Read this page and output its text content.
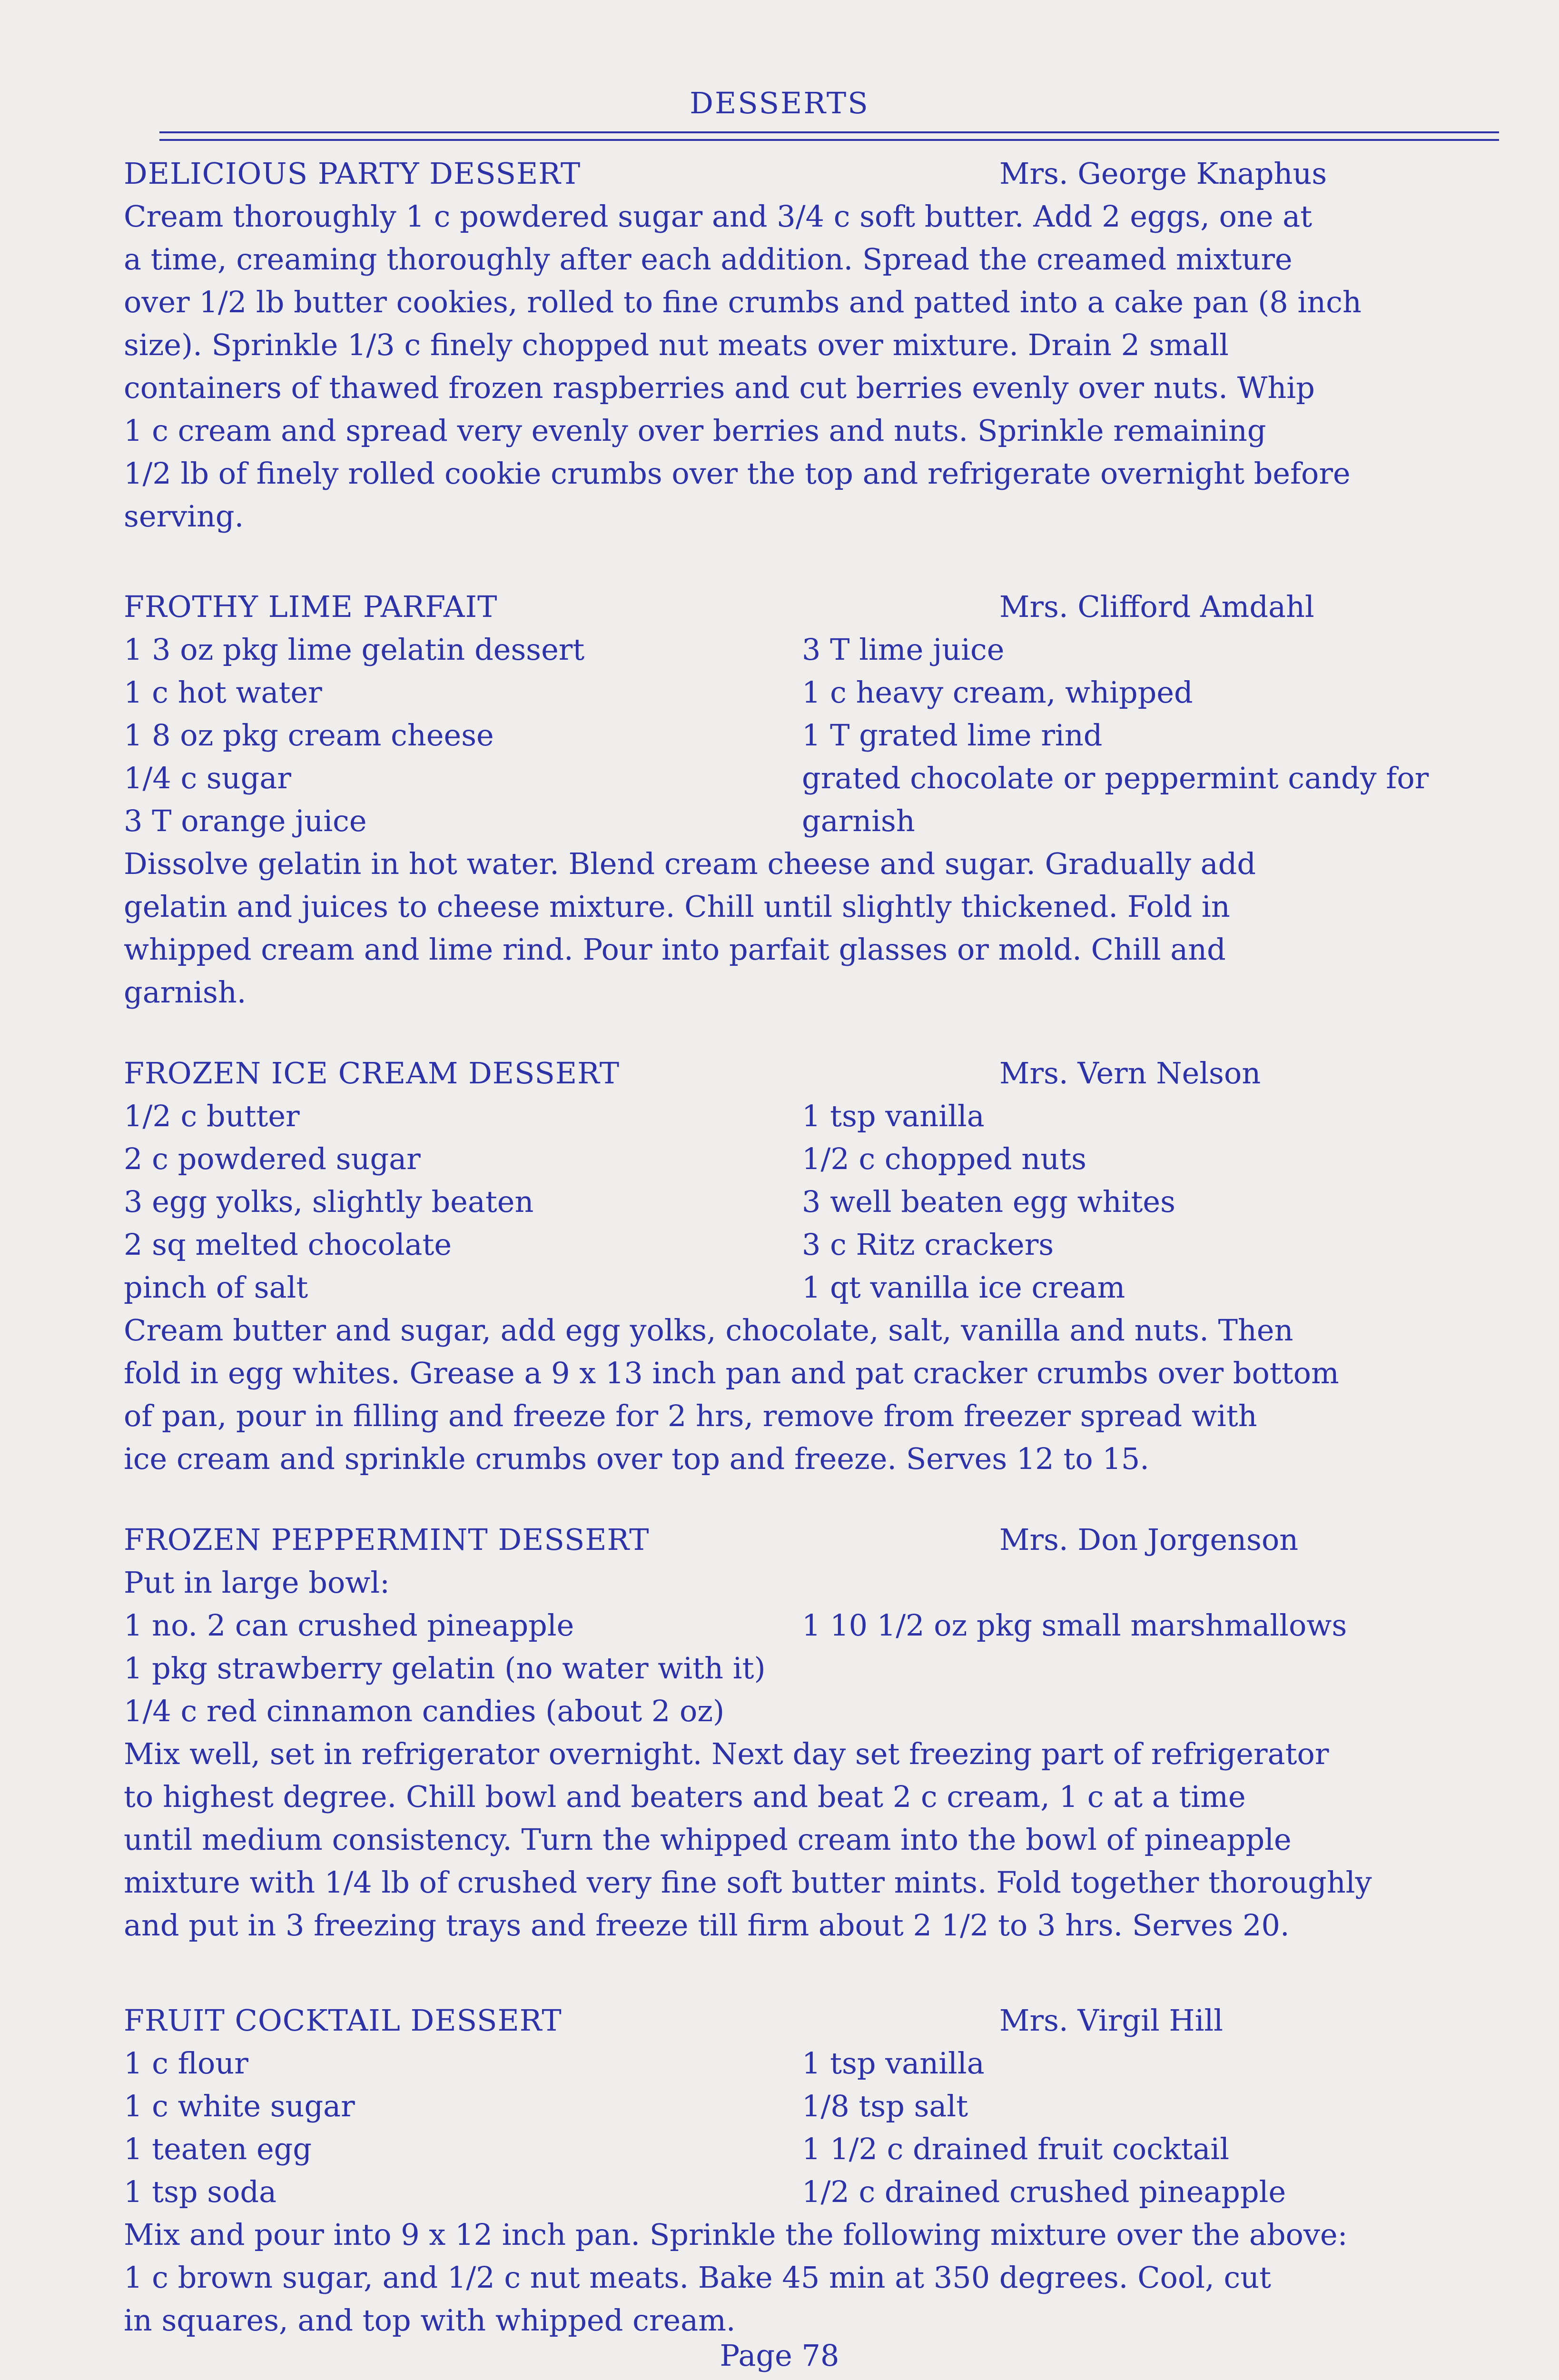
DESSERTS
DELICIOUS PARTY DESSERT	Mrs. George Knaphus
Cream thoroughly 1 c powdered sugar and 3/4 c soft butter. Add 2 eggs, one at
a time, creaming thoroughly after each addition. Spread the creamed mixture
over 1/2 lb butter cookies, rolled to fine crumbs and patted into a cake pan (8 inch
size). Sprinkle 1/3 c finely chopped nut meats over mixture. Drain 2 small
containers of thawed frozen raspberries and cut berries evenly over nuts. Whip
1 c cream and spread very evenly over berries and nuts. Sprinkle remaining
1/2 lb of finely rolled cookie crumbs over the top and refrigerate overnight before
serving.
FROTHY LIME PARFAIT	Mrs. Clifford Amdahl
1 3 oz pkg lime gelatin dessert	3 T lime juice
1 c hot water	1 c heavy cream, whipped
1 8 oz pkg cream cheese	1 T grated lime rind
1/4 c sugar	grated chocolate or peppermint candy for
3 T orange juice	garnish
Dissolve gelatin in hot water. Blend cream cheese and sugar. Gradually add
gelatin and juices to cheese mixture. Chill until slightly thickened. Fold in
whipped cream and lime rind. Pour into parfait glasses or mold. Chill and
garnish.
FROZEN ICE CREAM DESSERT	Mrs. Vern Nelson
1/2 c butter	1 tsp vanilla
2 c powdered sugar	1/2 c chopped nuts
3 egg yolks, slightly beaten	3 well beaten egg whites
2 sq melted chocolate	3 c Ritz crackers
pinch of salt	1 qt vanilla ice cream
Cream butter and sugar, add egg yolks, chocolate, salt, vanilla and nuts. Then
fold in egg whites. Grease a 9 x 13 inch pan and pat cracker crumbs over bottom
of pan, pour in filling and freeze for 2 hrs, remove from freezer spread with
ice cream and sprinkle crumbs over top and freeze. Serves 12 to 15.
FROZEN PEPPERMINT DESSERT	Mrs. Don Jorgenson
Put in large bowl:
1 no. 2 can crushed pineapple	1 10 1/2 oz pkg small marshmallows
1 pkg strawberry gelatin (no water with it)
1/4 c red cinnamon candies (about 2 oz)
Mix well, set in refrigerator overnight. Next day set freezing part of refrigerator
to highest degree. Chill bowl and beaters and beat 2 c cream, 1 c at a time
until medium consistency. Turn the whipped cream into the bowl of pineapple
mixture with 1/4 lb of crushed very fine soft butter mints. Fold together thoroughly
and put in 3 freezing trays and freeze till firm about 2 1/2 to 3 hrs. Serves 20.
FRUIT COCKTAIL DESSERT	Mrs. Virgil Hill
1 c flour	1 tsp vanilla
1 c white sugar	1/8 tsp salt
1 teaten egg	1 1/2 c drained fruit cocktail
1 tsp soda	1/2 c drained crushed pineapple
Mix and pour into 9 x 12 inch pan. Sprinkle the following mixture over the above:
1 c brown sugar, and 1/2 c nut meats. Bake 45 min at 350 degrees. Cool, cut
in squares, and top with whipped cream.
Page 78
